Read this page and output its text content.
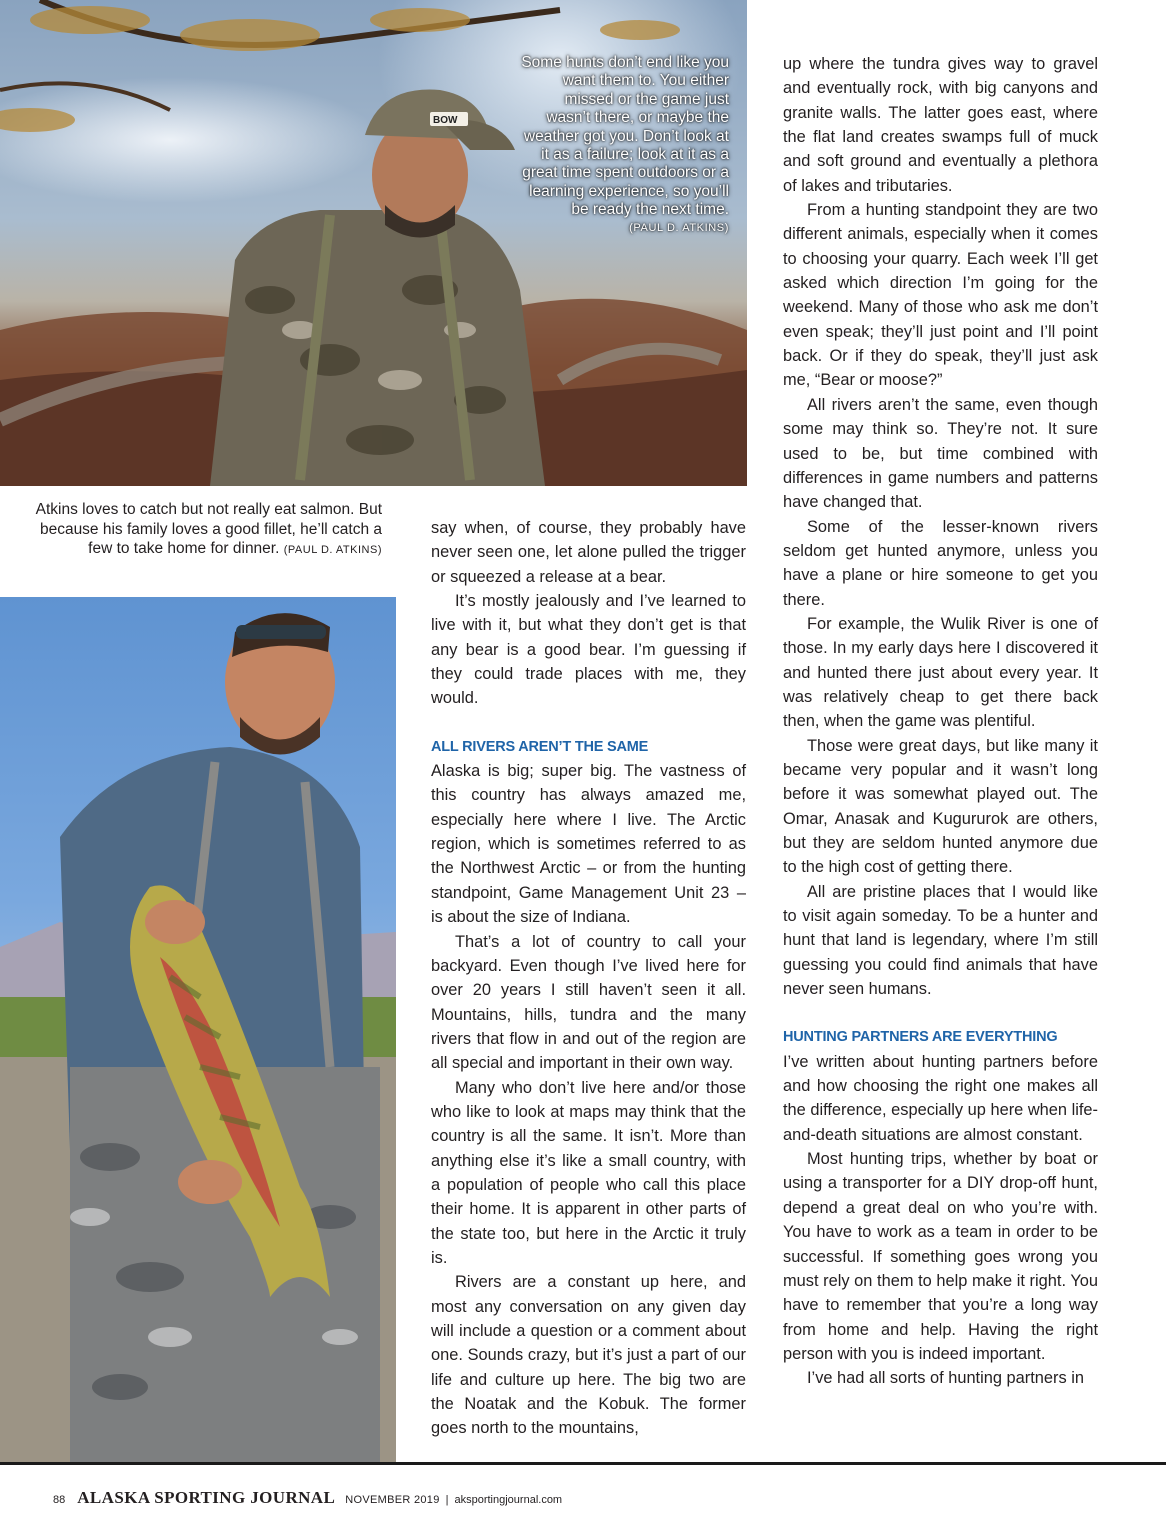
BOW
Some hunts don’t end like you want them to. You either missed or the game just wasn’t there, or maybe the weather got you. Don’t look at it as a failure; look at it as a great time spent outdoors or a learning experience, so you’ll be ready the next time.
(PAUL D. ATKINS)
Atkins loves to catch but not really eat salmon. But because his family loves a good fillet, he’ll catch a few to take home for dinner. (PAUL D. ATKINS)

say when, of course, they probably have never seen one, let alone pulled the trigger or squeezed a release at a bear.

It’s mostly jealously and I’ve learned to live with it, but what they don’t get is that any bear is a good bear. I’m guessing if they could trade places with me, they would.

ALL RIVERS AREN’T THE SAME

Alaska is big; super big. The vastness of this country has always amazed me, especially here where I live. The Arctic region, which is sometimes referred to as the Northwest Arctic – or from the hunting standpoint, Game Management Unit 23 – is about the size of Indiana.

That’s a lot of country to call your backyard. Even though I’ve lived here for over 20 years I still haven’t seen it all. Mountains, hills, tundra and the many rivers that flow in and out of the region are all special and important in their own way.

Many who don’t live here and/or those who like to look at maps may think that the country is all the same. It isn’t. More than anything else it’s like a small country, with a population of people who call this place their home. It is apparent in other parts of the state too, but here in the Arctic it truly is.

Rivers are a constant up here, and most any conversation on any given day will include a question or a comment about one. Sounds crazy, but it’s just a part of our life and culture up here. The big two are the Noatak and the Kobuk. The former goes north to the mountains,

up where the tundra gives way to gravel and eventually rock, with big canyons and granite walls. The latter goes east, where the flat land creates swamps full of muck and soft ground and eventually a plethora of lakes and tributaries.

From a hunting standpoint they are two different animals, especially when it comes to choosing your quarry. Each week I’ll get asked which direction I’m going for the weekend. Many of those who ask me don’t even speak; they’ll just point and I’ll point back. Or if they do speak, they’ll just ask me, “Bear or moose?”

All rivers aren’t the same, even though some may think so. They’re not. It sure used to be, but time combined with differences in game numbers and patterns have changed that.

Some of the lesser-known rivers seldom get hunted anymore, unless you have a plane or hire someone to get you there.

For example, the Wulik River is one of those. In my early days here I discovered it and hunted there just about every year. It was relatively cheap to get there back then, when the game was plentiful.

Those were great days, but like many it became very popular and it wasn’t long before it was somewhat played out. The Omar, Anasak and Kugururok are others, but they are seldom hunted anymore due to the high cost of getting there.

All are pristine places that I would like to visit again someday. To be a hunter and hunt that land is legendary, where I’m still guessing you could find animals that have never seen humans.

HUNTING PARTNERS ARE EVERYTHING

I’ve written about hunting partners before and how choosing the right one makes all the difference, especially up here when life-and-death situations are almost constant.

Most hunting trips, whether by boat or using a transporter for a DIY drop-off hunt, depend a great deal on who you’re with. You have to work as a team in order to be successful. If something goes wrong you must rely on them to help make it right. You have to remember that you’re a long way from home and help. Having the right person with you is indeed important.

I’ve had all sorts of hunting partners in

88 ALASKA SPORTING JOURNAL NOVEMBER 2019 | aksportingjournal.com
